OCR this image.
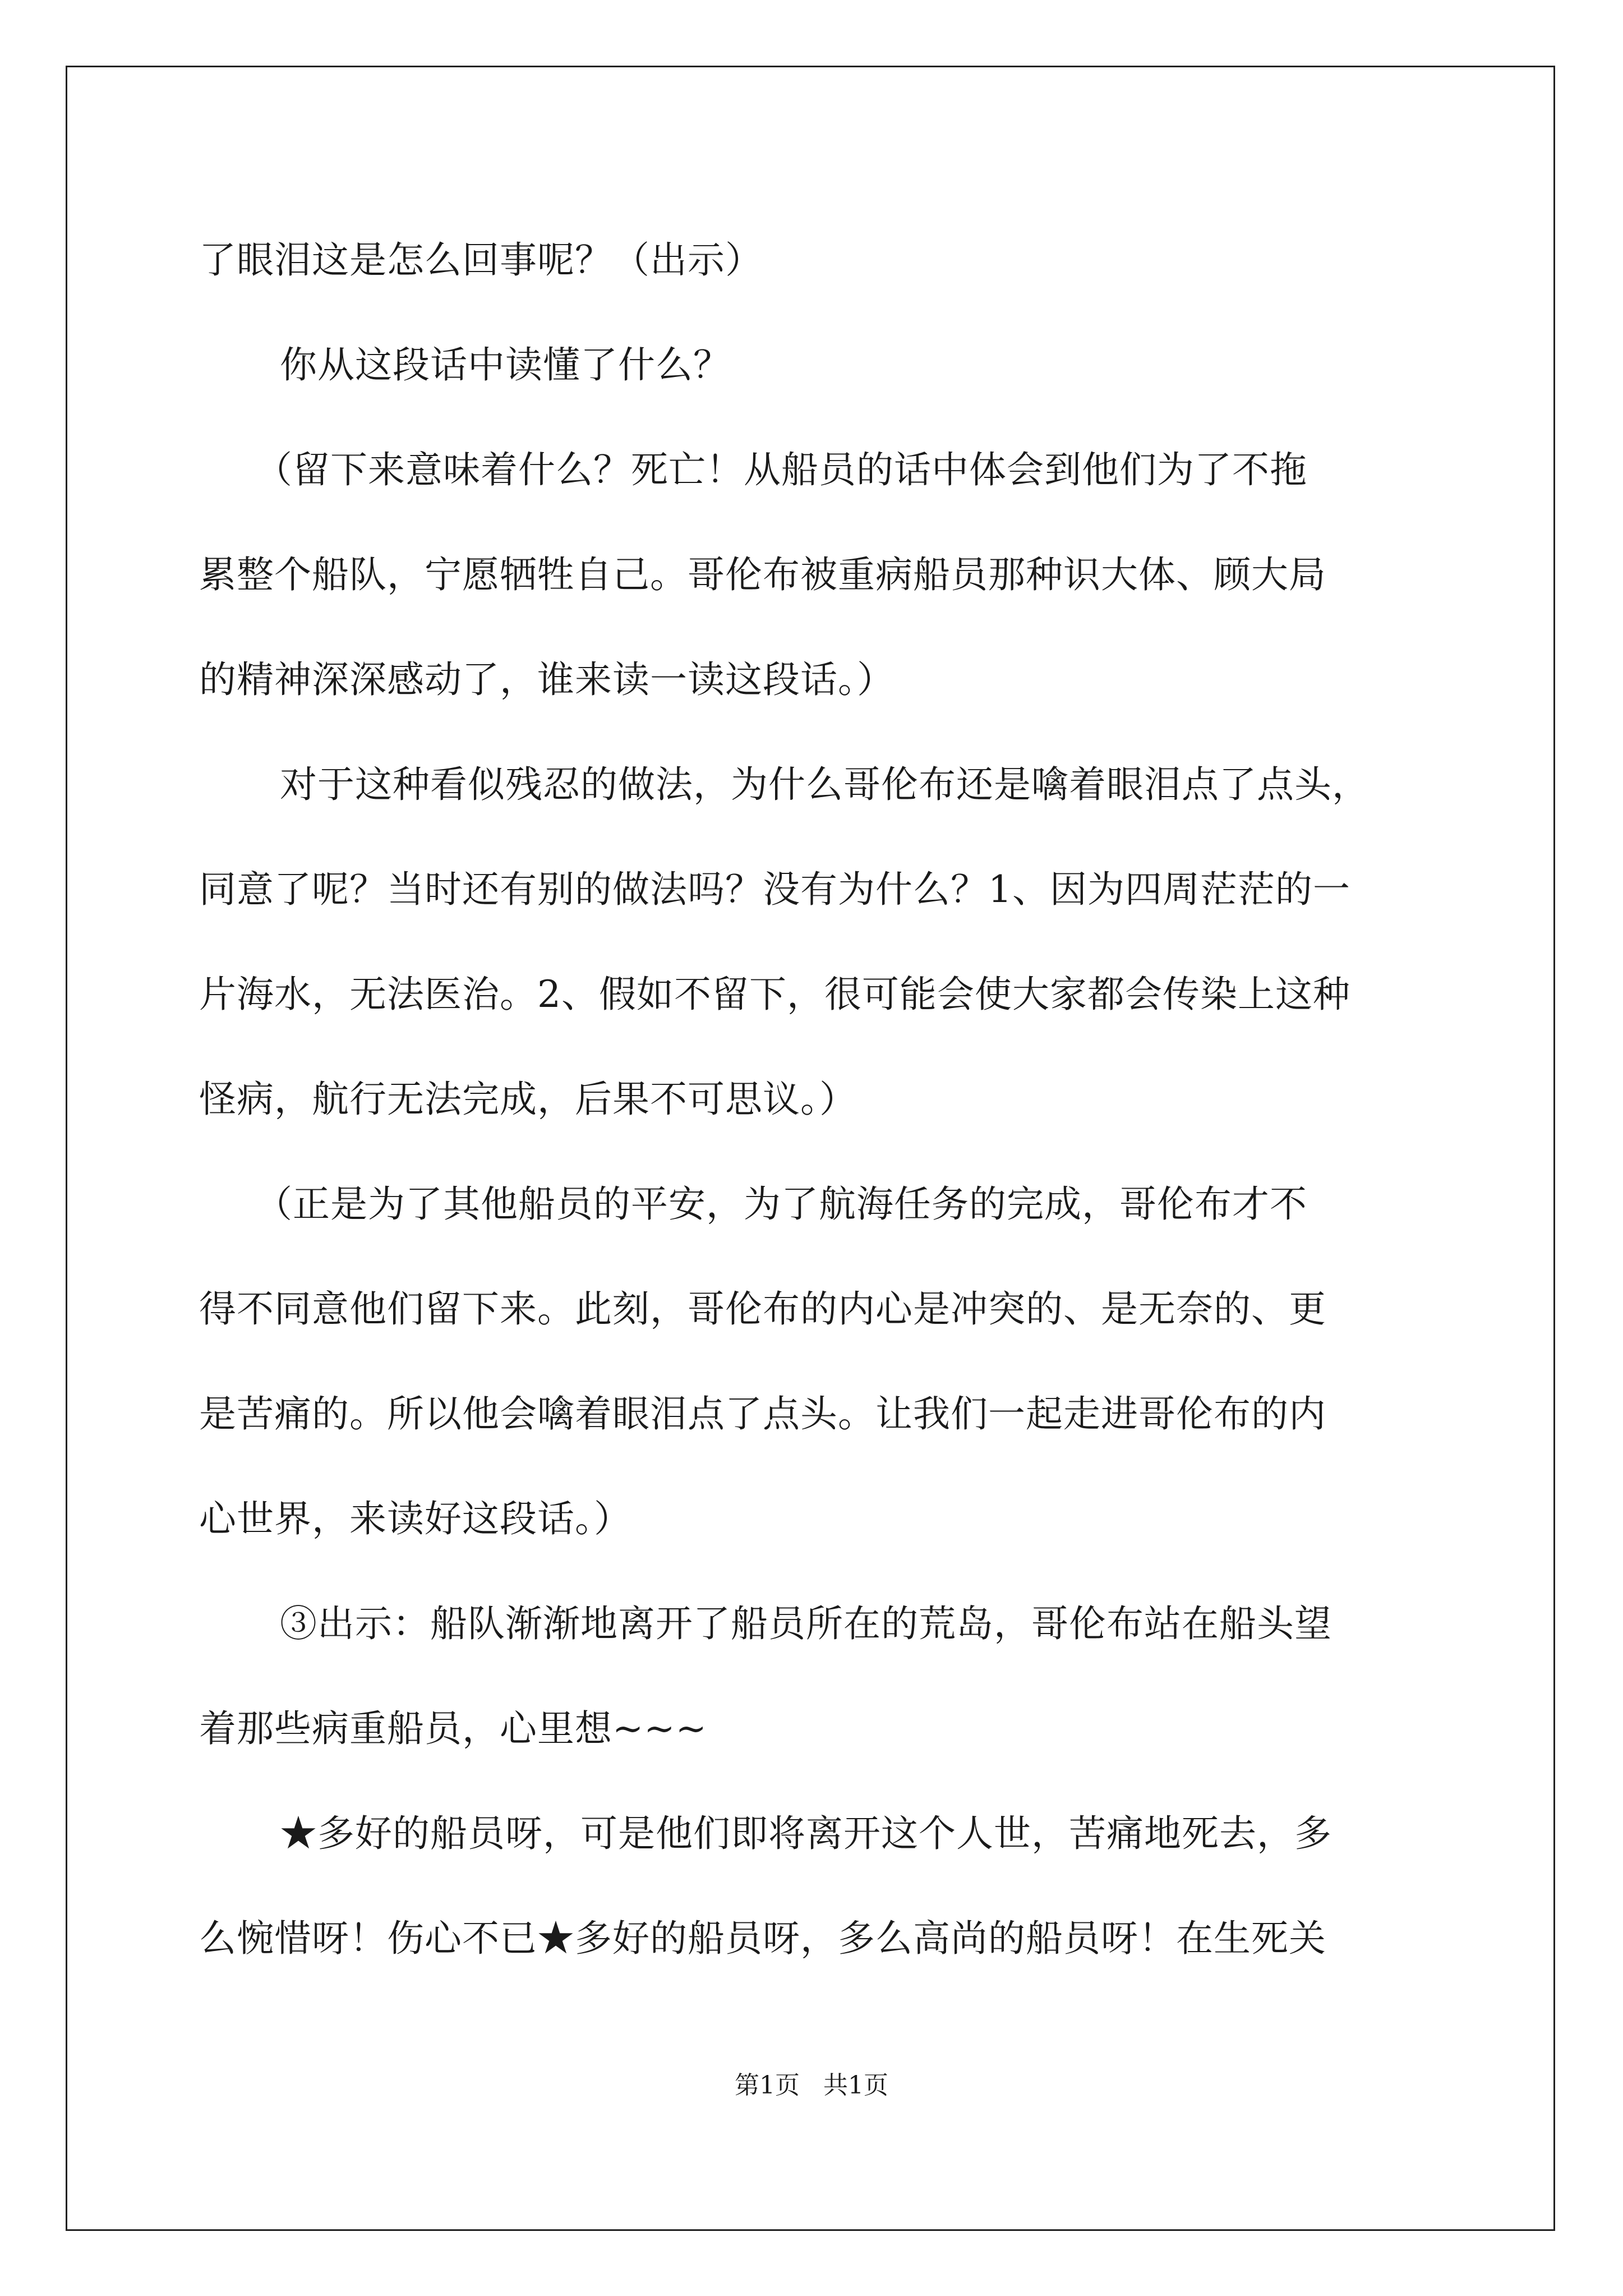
了眼泪这是怎么回事呢？（出示）
你从这段话中读懂了什么？
（留下来意味着什么？死亡！从船员的话中体会到他们为了不拖
累整个船队，宁愿牺牲自己。哥伦布被重病船员那种识大体、顾大局
的精神深深感动了，谁来读一读这段话。）
对于这种看似残忍的做法，为什么哥伦布还是噙着眼泪点了点头，
同意了呢？当时还有别的做法吗？没有为什么？1、因为四周茫茫的一
片海水，无法医治。2、假如不留下，很可能会使大家都会传染上这种
怪病，航行无法完成，后果不可思议。）
（正是为了其他船员的平安，为了航海任务的完成，哥伦布才不
得不同意他们留下来。此刻，哥伦布的内心是冲突的、是无奈的、更
是苦痛的。所以他会噙着眼泪点了点头。让我们一起走进哥伦布的内
心世界，来读好这段话。）
③出示：船队渐渐地离开了船员所在的荒岛，哥伦布站在船头望
着那些病重船员，心里想~~~
★多好的船员呀，可是他们即将离开这个人世，苦痛地死去，多
么惋惜呀！伤心不已★多好的船员呀，多么高尚的船员呀！在生死关
第1页   共1页
